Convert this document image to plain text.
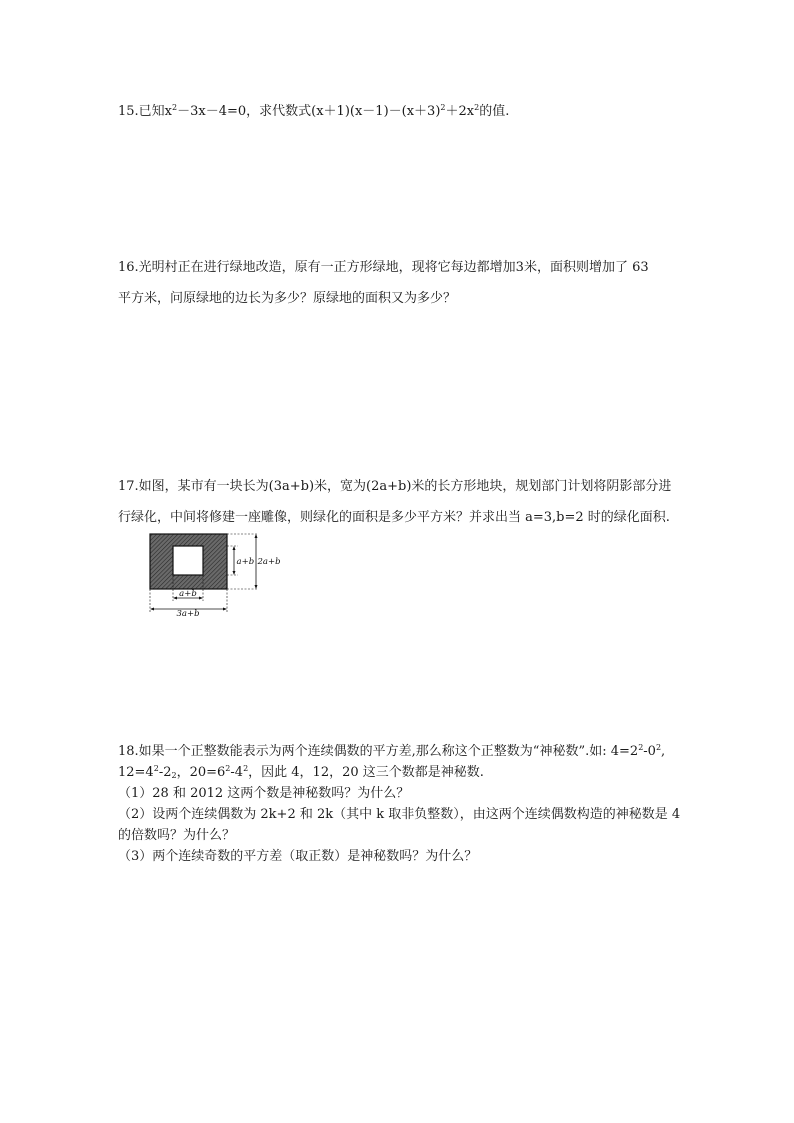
15.已知$x^2-3x-4=0$，求代数式$(x+1)(x-1)-(x+3)^2+2x^2$的值.
16.光明村正在进行绿地改造，原有一正方形绿地，现将它每边都增加3米，面积则增加了 63
平方米，问原绿地的边长为多少？原绿地的面积又为多少？
17.如图，某市有一块长为(3a+b)米，宽为(2a+b)米的长方形地块，规划部门计划将阴影部分进
行绿化，中间将修建一座雕像，则绿化的面积是多少平方米？并求出当 a=3,b=2 时的绿化面积.
a+b 2a+b
a+b
3a+b
18.如果一个正整数能表示为两个连续偶数的平方差,那么称这个正整数为“神秘数”.如: $4=2^2-0^2$,
$12=4^2-2_2$，$20=6^2-4^2$，因此 4，12，20 这三个数都是神秘数.
（1）28 和 2012 这两个数是神秘数吗？为什么？
（2）设两个连续偶数为 2k+2 和 2k（其中 k 取非负整数），由这两个连续偶数构造的神秘数是 4
的倍数吗？为什么？
（3）两个连续奇数的平方差（取正数）是神秘数吗？为什么？
